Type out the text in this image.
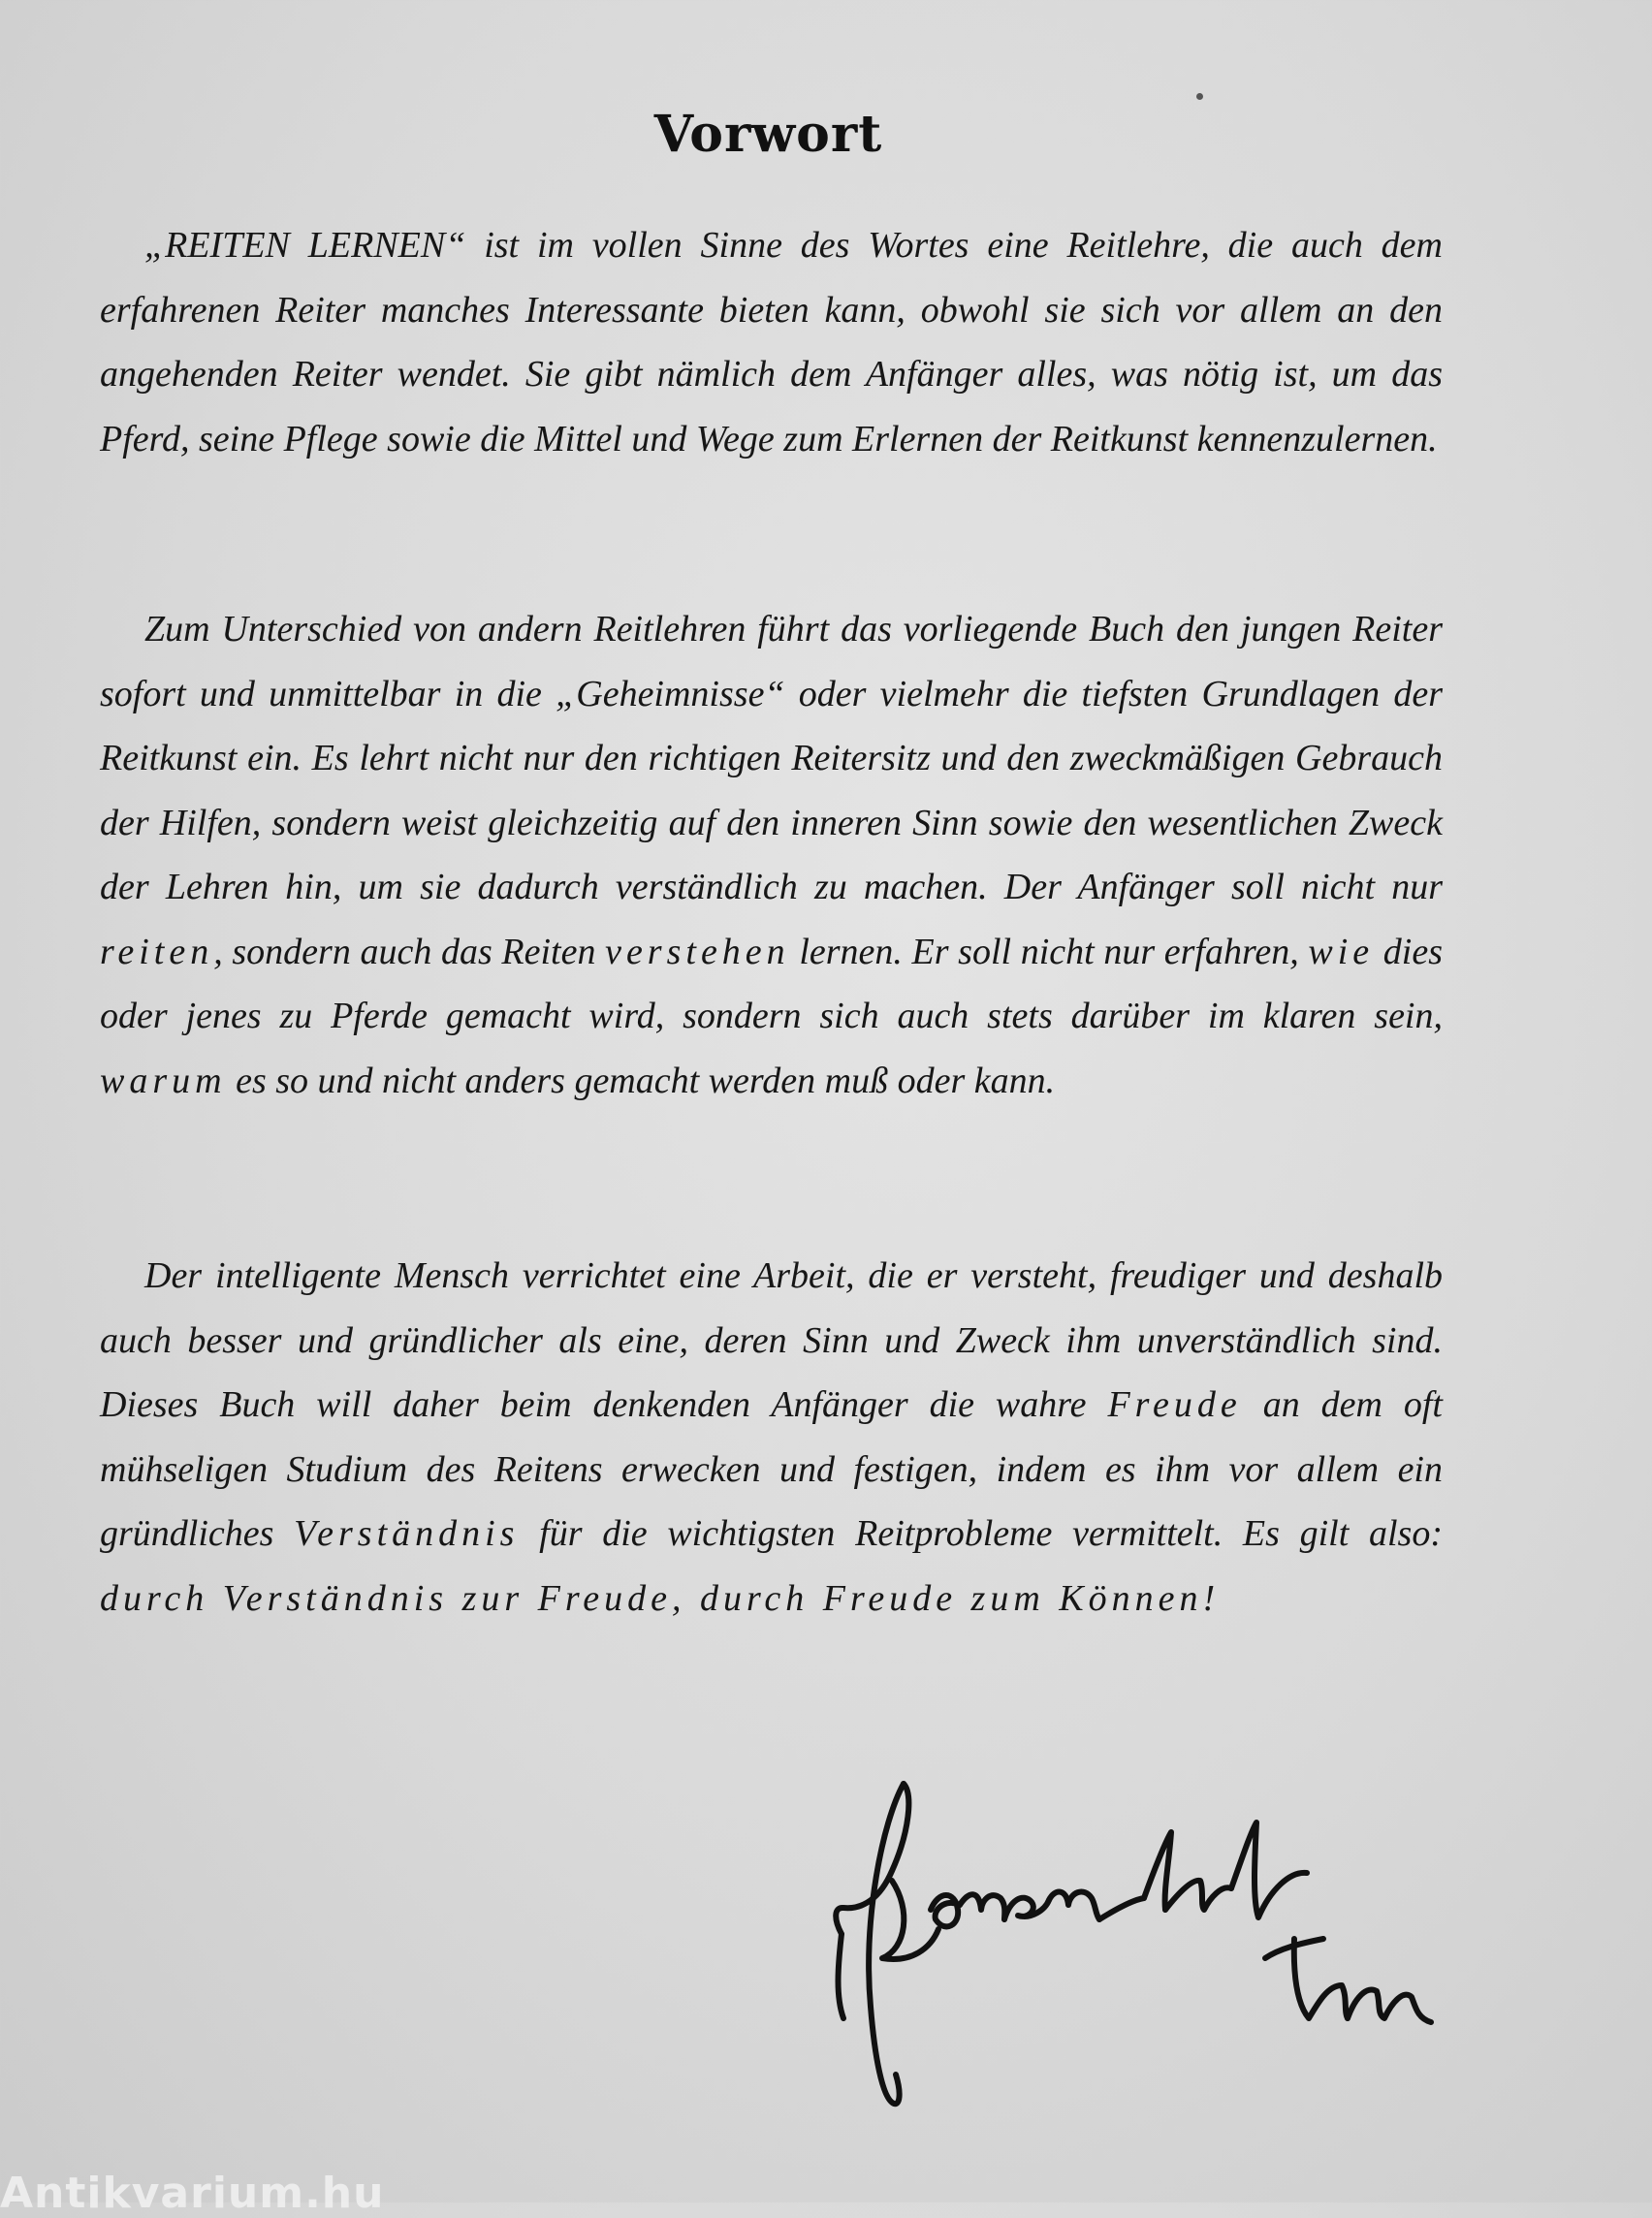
Vorwort

„REITEN LERNEN“ ist im vollen Sinne des Wortes eine Reitlehre, die auch dem erfahrenen Reiter manches Interessante bieten kann, obwohl sie sich vor allem an den angehenden Reiter wendet. Sie gibt nämlich dem Anfänger alles, was nötig ist, um das Pferd, seine Pflege sowie die Mittel und Wege zum Erlernen der Reitkunst kennenzulernen.

Zum Unterschied von andern Reitlehren führt das vorliegende Buch den jungen Reiter sofort und unmittelbar in die „Geheimnisse“ oder vielmehr die tiefsten Grundlagen der Reitkunst ein. Es lehrt nicht nur den richtigen Reitersitz und den zweckmäßigen Gebrauch der Hilfen, sondern weist gleichzeitig auf den inneren Sinn sowie den wesentlichen Zweck der Lehren hin, um sie dadurch verständlich zu machen. Der Anfänger soll nicht nur reiten, sondern auch das Reiten verstehen lernen. Er soll nicht nur erfahren, wie dies oder jenes zu Pferde gemacht wird, sondern sich auch stets darüber im klaren sein, warum es so und nicht anders gemacht werden muß oder kann.

Der intelligente Mensch verrichtet eine Arbeit, die er versteht, freudiger und deshalb auch besser und gründlicher als eine, deren Sinn und Zweck ihm unverständlich sind. Dieses Buch will daher beim denkenden Anfänger die wahre Freude an dem oft mühseligen Studium des Reitens erwecken und festigen, indem es ihm vor allem ein gründliches Verständnis für die wichtigsten Reitprobleme vermittelt. Es gilt also: durch Verständnis zur Freude, durch Freude zum Können!

Antikvarium.hu
